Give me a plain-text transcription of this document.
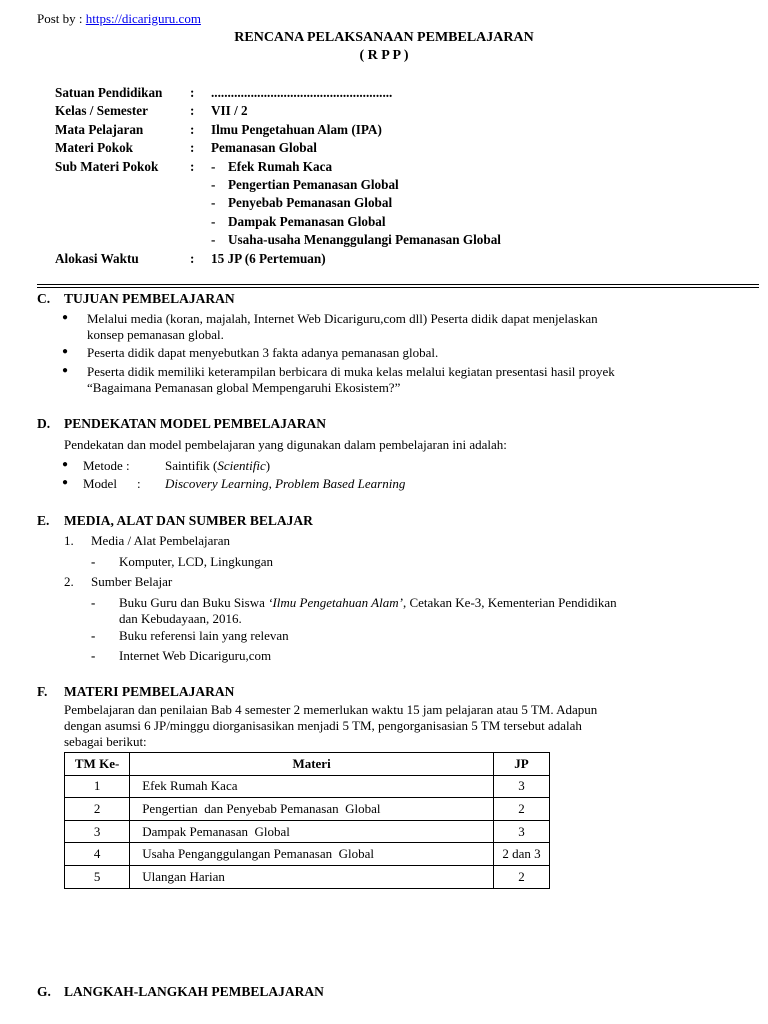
Post by : https://dicariguru.com
RENCANA PELAKSANAAN PEMBELAJARAN
( R P P )
Satuan Pendidikan : .......................................................
Kelas / Semester	: VII / 2
Mata Pelajaran	: Ilmu Pengetahuan Alam (IPA)
Materi Pokok	: Pemanasan Global
Sub Materi Pokok : - Efek Rumah Kaca
- Pengertian Pemanasan Global
- Penyebab Pemanasan Global
- Dampak Pemanasan Global
- Usaha-usaha Menanggulangi Pemanasan Global
Alokasi Waktu	: 15 JP (6 Pertemuan)
C. TUJUAN PEMBELAJARAN
● Melalui media (koran, majalah, Internet Web Dicariguru,com dll) Peserta didik dapat menjelaskan
konsep pemanasan global.
● Peserta didik dapat menyebutkan 3 fakta adanya pemanasan global.
● Peserta didik memiliki keterampilan berbicara di muka kelas melalui kegiatan presentasi hasil proyek
“Bagaimana Pemanasan global Mempengaruhi Ekosistem?”
D. PENDEKATAN MODEL PEMBELAJARAN
Pendekatan dan model pembelajaran yang digunakan dalam pembelajaran ini adalah:
● Metode :	Saintifik (Scientific)
● Model : Discovery Learning, Problem Based Learning
E. MEDIA, ALAT DAN SUMBER BELAJAR
1. Media / Alat Pembelajaran
- Komputer, LCD, Lingkungan
2. Sumber Belajar
- Buku Guru dan Buku Siswa ‘Ilmu Pengetahuan Alam’, Cetakan Ke-3, Kementerian Pendidikan
dan Kebudayaan, 2016.
- Buku referensi lain yang relevan
- Internet Web Dicariguru,com
F. MATERI PEMBELAJARAN
Pembelajaran dan penilaian Bab 4 semester 2 memerlukan waktu 15 jam pelajaran atau 5 TM. Adapun
dengan asumsi 6 JP/minggu diorganisasikan menjadi 5 TM, pengorganisasian 5 TM tersebut adalah
sebagai berikut:
TM Ke-	Materi	JP
1	Efek Rumah Kaca	3
2	Pengertian  dan Penyebab Pemanasan  Global	2
3	Dampak Pemanasan  Global	3
4	Usaha Penganggulangan Pemanasan  Global	2 dan 3
5	Ulangan Harian	2
G. LANGKAH-LANGKAH PEMBELAJARAN
